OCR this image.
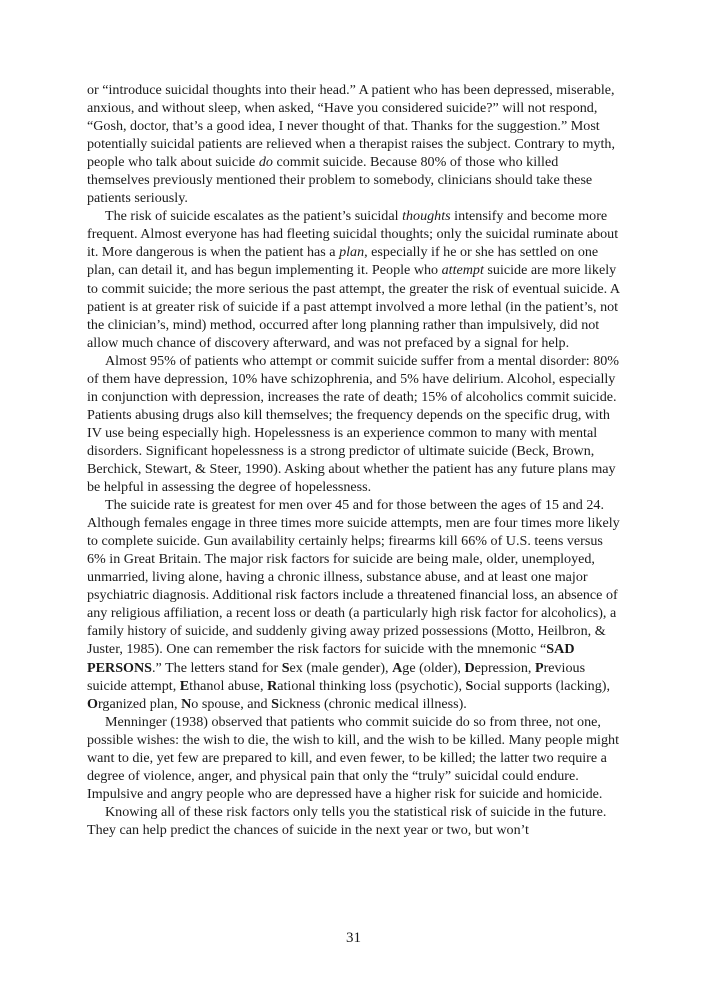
or “introduce suicidal thoughts into their head.” A patient who has been depressed, miserable, anxious, and without sleep, when asked, “Have you considered suicide?” will not respond, “Gosh, doctor, that’s a good idea, I never thought of that. Thanks for the suggestion.” Most potentially suicidal patients are relieved when a therapist raises the subject. Contrary to myth, people who talk about suicide do commit suicide. Because 80% of those who killed themselves previously mentioned their problem to somebody, clinicians should take these patients seriously.

The risk of suicide escalates as the patient’s suicidal thoughts intensify and become more frequent. Almost everyone has had fleeting suicidal thoughts; only the suicidal ruminate about it. More dangerous is when the patient has a plan, especially if he or she has settled on one plan, can detail it, and has begun implementing it. People who attempt suicide are more likely to commit suicide; the more serious the past attempt, the greater the risk of eventual suicide. A patient is at greater risk of suicide if a past attempt involved a more lethal (in the patient’s, not the clinician’s, mind) method, occurred after long planning rather than impulsively, did not allow much chance of discovery afterward, and was not prefaced by a signal for help.

Almost 95% of patients who attempt or commit suicide suffer from a mental disorder: 80% of them have depression, 10% have schizophrenia, and 5% have delirium. Alcohol, especially in conjunction with depression, increases the rate of death; 15% of alcoholics commit suicide. Patients abusing drugs also kill themselves; the frequency depends on the specific drug, with IV use being especially high. Hopelessness is an experience common to many with mental disorders. Significant hopelessness is a strong predictor of ultimate suicide (Beck, Brown, Berchick, Stewart, & Steer, 1990). Asking about whether the patient has any future plans may be helpful in assessing the degree of hopelessness.

The suicide rate is greatest for men over 45 and for those between the ages of 15 and 24. Although females engage in three times more suicide attempts, men are four times more likely to complete suicide. Gun availability certainly helps; firearms kill 66% of U.S. teens versus 6% in Great Britain. The major risk factors for suicide are being male, older, unemployed, unmarried, living alone, having a chronic illness, substance abuse, and at least one major psychiatric diagnosis. Additional risk factors include a threatened financial loss, an absence of any religious affiliation, a recent loss or death (a particularly high risk factor for alcoholics), a family history of suicide, and suddenly giving away prized possessions (Motto, Heilbron, & Juster, 1985). One can remember the risk factors for suicide with the mnemonic “SAD PERSONS.” The letters stand for Sex (male gender), Age (older), Depression, Previous suicide attempt, Ethanol abuse, Rational thinking loss (psychotic), Social supports (lacking), Organized plan, No spouse, and Sickness (chronic medical illness).

Menninger (1938) observed that patients who commit suicide do so from three, not one, possible wishes: the wish to die, the wish to kill, and the wish to be killed. Many people might want to die, yet few are prepared to kill, and even fewer, to be killed; the latter two require a degree of violence, anger, and physical pain that only the “truly” suicidal could endure. Impulsive and angry people who are depressed have a higher risk for suicide and homicide.

Knowing all of these risk factors only tells you the statistical risk of suicide in the future. They can help predict the chances of suicide in the next year or two, but won’t

31
